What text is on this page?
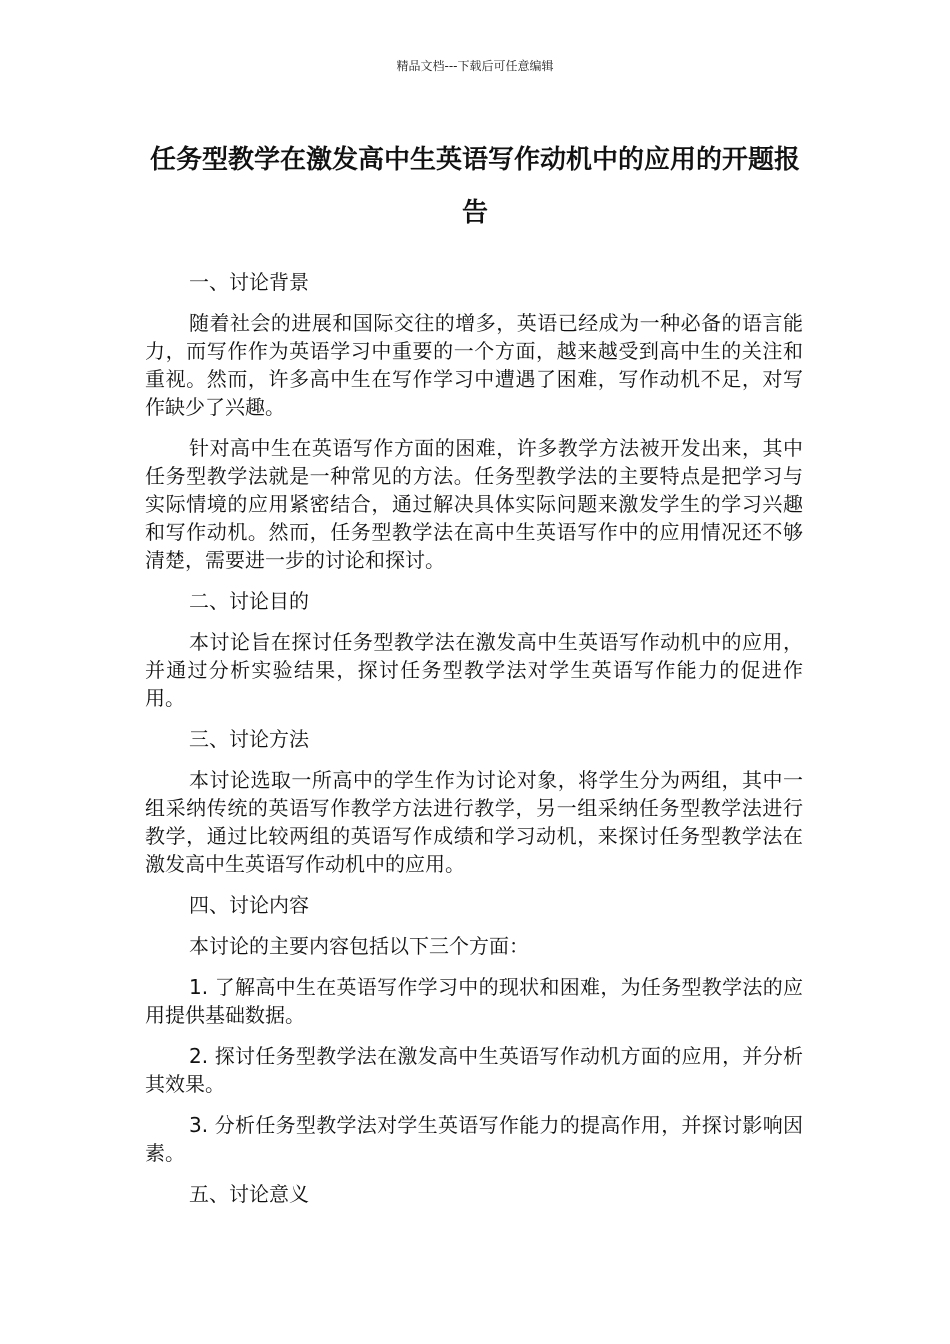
精品文档---下载后可任意编辑
任务型教学在激发高中生英语写作动机中的应用的开题报告

一、讨论背景

随着社会的进展和国际交往的增多，英语已经成为一种必备的语言能力，而写作作为英语学习中重要的一个方面，越来越受到高中生的关注和重视。然而，许多高中生在写作学习中遭遇了困难，写作动机不足，对写作缺少了兴趣。

针对高中生在英语写作方面的困难，许多教学方法被开发出来，其中任务型教学法就是一种常见的方法。任务型教学法的主要特点是把学习与实际情境的应用紧密结合，通过解决具体实际问题来激发学生的学习兴趣和写作动机。然而，任务型教学法在高中生英语写作中的应用情况还不够清楚，需要进一步的讨论和探讨。

二、讨论目的

本讨论旨在探讨任务型教学法在激发高中生英语写作动机中的应用，并通过分析实验结果，探讨任务型教学法对学生英语写作能力的促进作用。

三、讨论方法

本讨论选取一所高中的学生作为讨论对象，将学生分为两组，其中一组采纳传统的英语写作教学方法进行教学，另一组采纳任务型教学法进行教学，通过比较两组的英语写作成绩和学习动机，来探讨任务型教学法在激发高中生英语写作动机中的应用。

四、讨论内容

本讨论的主要内容包括以下三个方面：

1. 了解高中生在英语写作学习中的现状和困难，为任务型教学法的应用提供基础数据。

2. 探讨任务型教学法在激发高中生英语写作动机方面的应用，并分析其效果。

3. 分析任务型教学法对学生英语写作能力的提高作用，并探讨影响因素。

五、讨论意义
